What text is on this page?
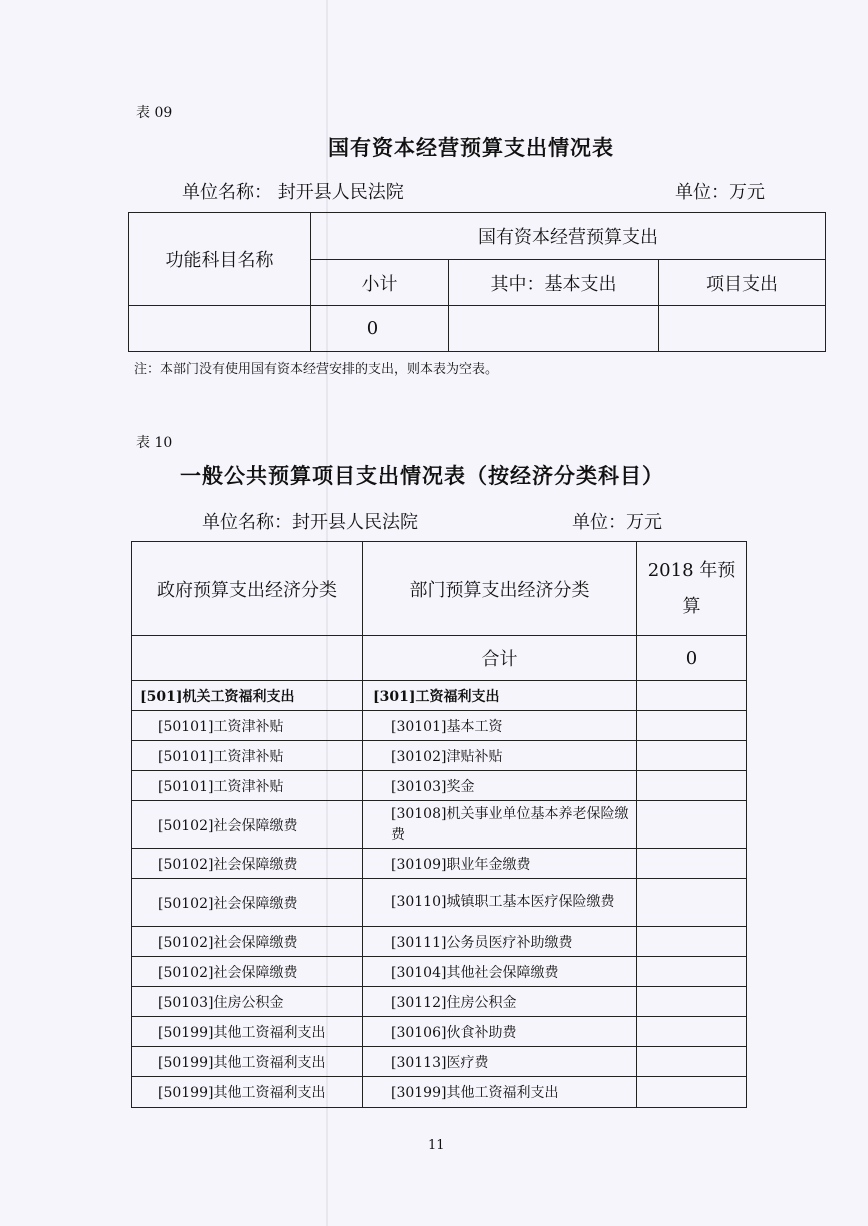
表 09
国有资本经营预算支出情况表
单位名称： 封开县人民法院	单位：万元
功能科目名称	国有资本经营预算支出		
	小计	其中：基本支出	项目支出
	0		
注：本部门没有使用国有资本经营安排的支出，则本表为空表。
表 10
一般公共预算项目支出情况表（按经济分类科目）
单位名称：封开县人民法院	单位：万元
政府预算支出经济分类	部门预算支出经济分类	2018 年预
算

	合计	0
[501]机关工资福利支出	[301]工资福利支出	
[50101]工资津补贴	[30101]基本工资	
[50101]工资津补贴	[30102]津贴补贴	
[50101]工资津补贴	[30103]奖金	
[50102]社会保障缴费	[30108]机关事业单位基本养老保险缴费	
[50102]社会保障缴费	[30109]职业年金缴费	
[50102]社会保障缴费	[30110]城镇职工基本医疗保险缴费	
[50102]社会保障缴费	[30111]公务员医疗补助缴费	
[50102]社会保障缴费	[30104]其他社会保障缴费	
[50103]住房公积金	[30112]住房公积金	
[50199]其他工资福利支出	[30106]伙食补助费	
[50199]其他工资福利支出	[30113]医疗费	
[50199]其他工资福利支出	[30199]其他工资福利支出	
11
